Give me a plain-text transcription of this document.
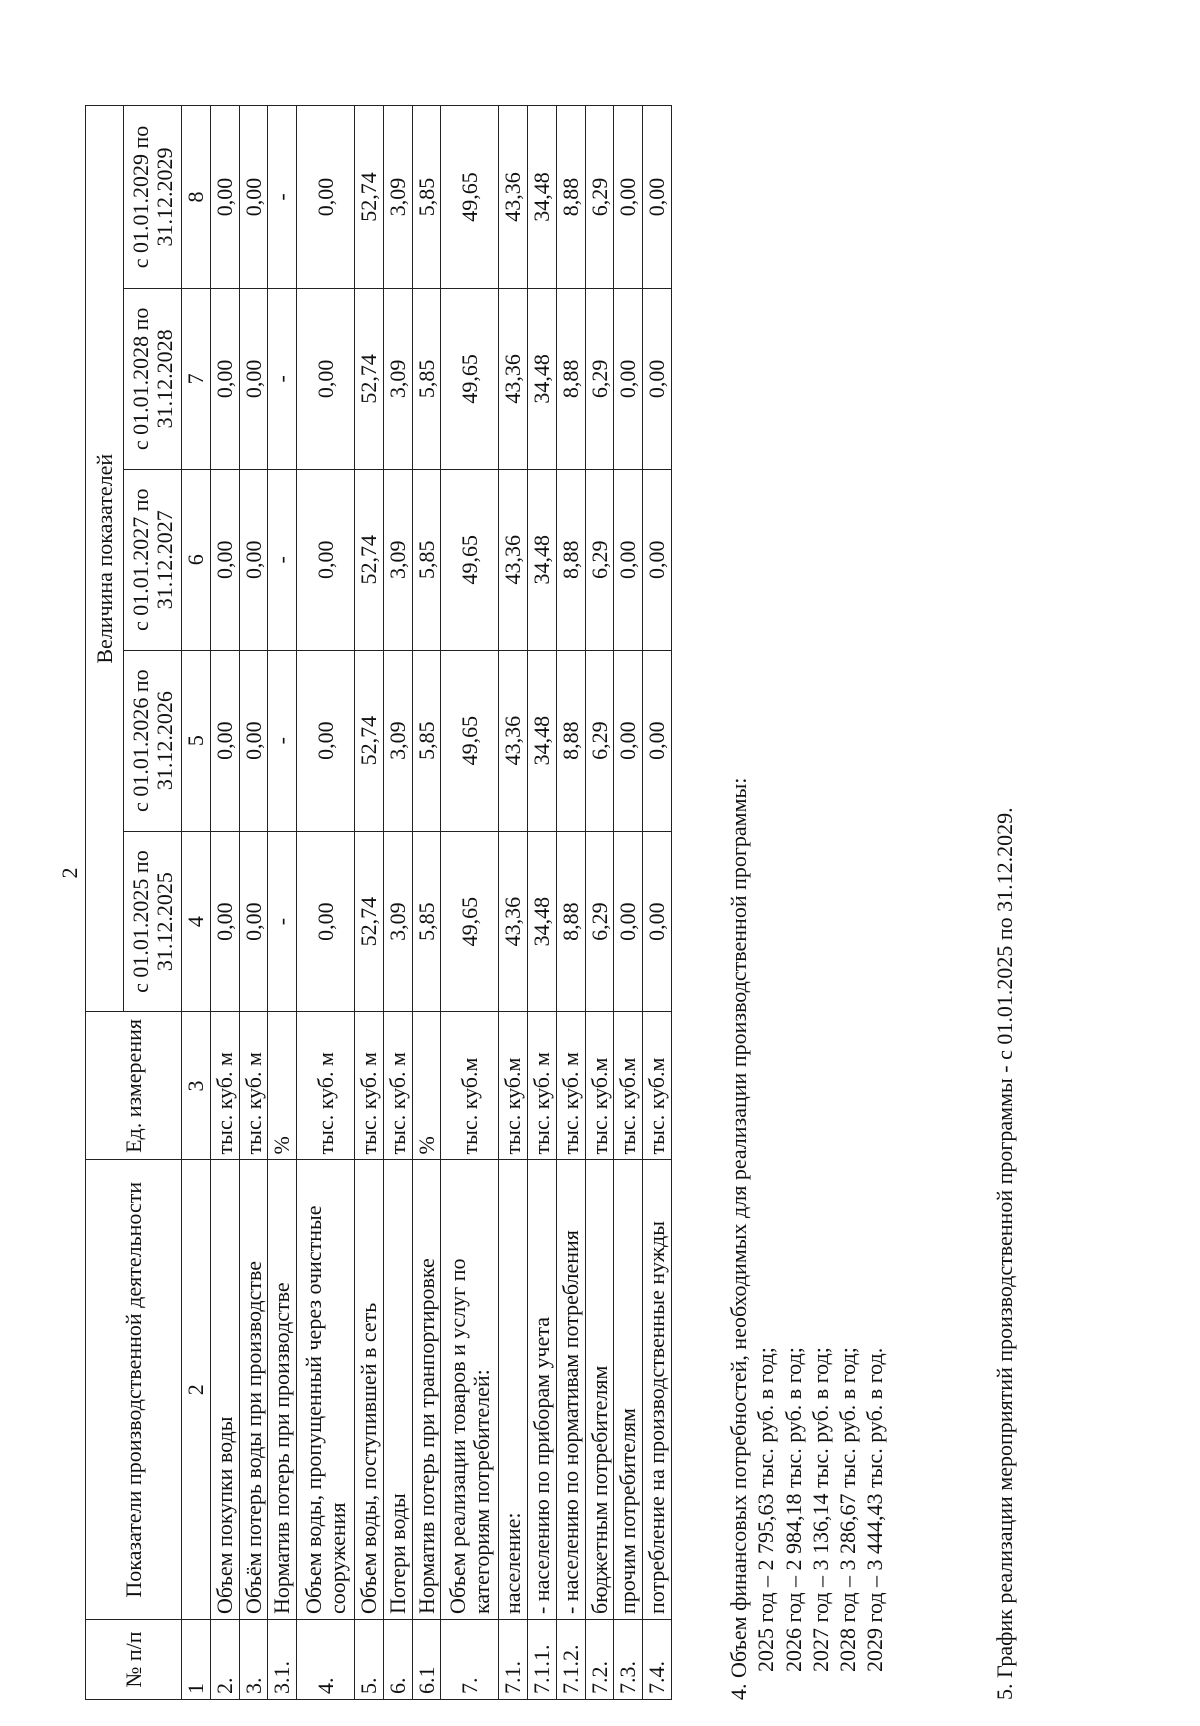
2
№ п/п	Показатели производственной деятельности	Ед. измерения	Величина показателей				
			с 01.01.2025 по 31.12.2025	с 01.01.2026 по 31.12.2026	с 01.01.2027 по 31.12.2027	с 01.01.2028 по 31.12.2028	с 01.01.2029 по 31.12.2029
1	2	3	4	5	6	7	8
2.	Объем покупки воды	тыс. куб. м	0,00	0,00	0,00	0,00	0,00
3.	Объём потерь воды при производстве	тыс. куб. м	0,00	0,00	0,00	0,00	0,00
3.1.	Норматив потерь при производстве	%	-	-	-	-	-
4.	Объем воды, пропущенный через очистные сооружения	тыс. куб. м	0,00	0,00	0,00	0,00	0,00
5.	Объем воды, поступившей в сеть	тыс. куб. м	52,74	52,74	52,74	52,74	52,74
6.	Потери воды	тыс. куб. м	3,09	3,09	3,09	3,09	3,09
6.1	Норматив потерь при транпортировке	%	5,85	5,85	5,85	5,85	5,85
7.	Объем реализации товаров и услуг по категориям потребителей:	тыс. куб.м	49,65	49,65	49,65	49,65	49,65
7.1.	население:	тыс. куб.м	43,36	43,36	43,36	43,36	43,36
7.1.1.	- населению по приборам учета	тыс. куб. м	34,48	34,48	34,48	34,48	34,48
7.1.2.	- населению по нормативам потребления	тыс. куб. м	8,88	8,88	8,88	8,88	8,88
7.2.	бюджетным потребителям	тыс. куб.м	6,29	6,29	6,29	6,29	6,29
7.3.	прочим потребителям	тыс. куб.м	0,00	0,00	0,00	0,00	0,00
7.4.	потребление на производственные нужды	тыс. куб.м	0,00	0,00	0,00	0,00	0,00
4. Объем финансовых потребностей, необходимых для реализации производственной программы: 2025 год – 2 795,63 тыс. руб. в год; 2026 год – 2 984,18 тыс. руб. в год; 2027 год – 3 136,14 тыс. руб. в год; 2028 год – 3 286,67 тыс. руб. в год; 2029 год – 3 444,43 тыс. руб. в год.	5. График реализации мероприятий производственной программы - с 01.01.2025 по 31.12.2029.
